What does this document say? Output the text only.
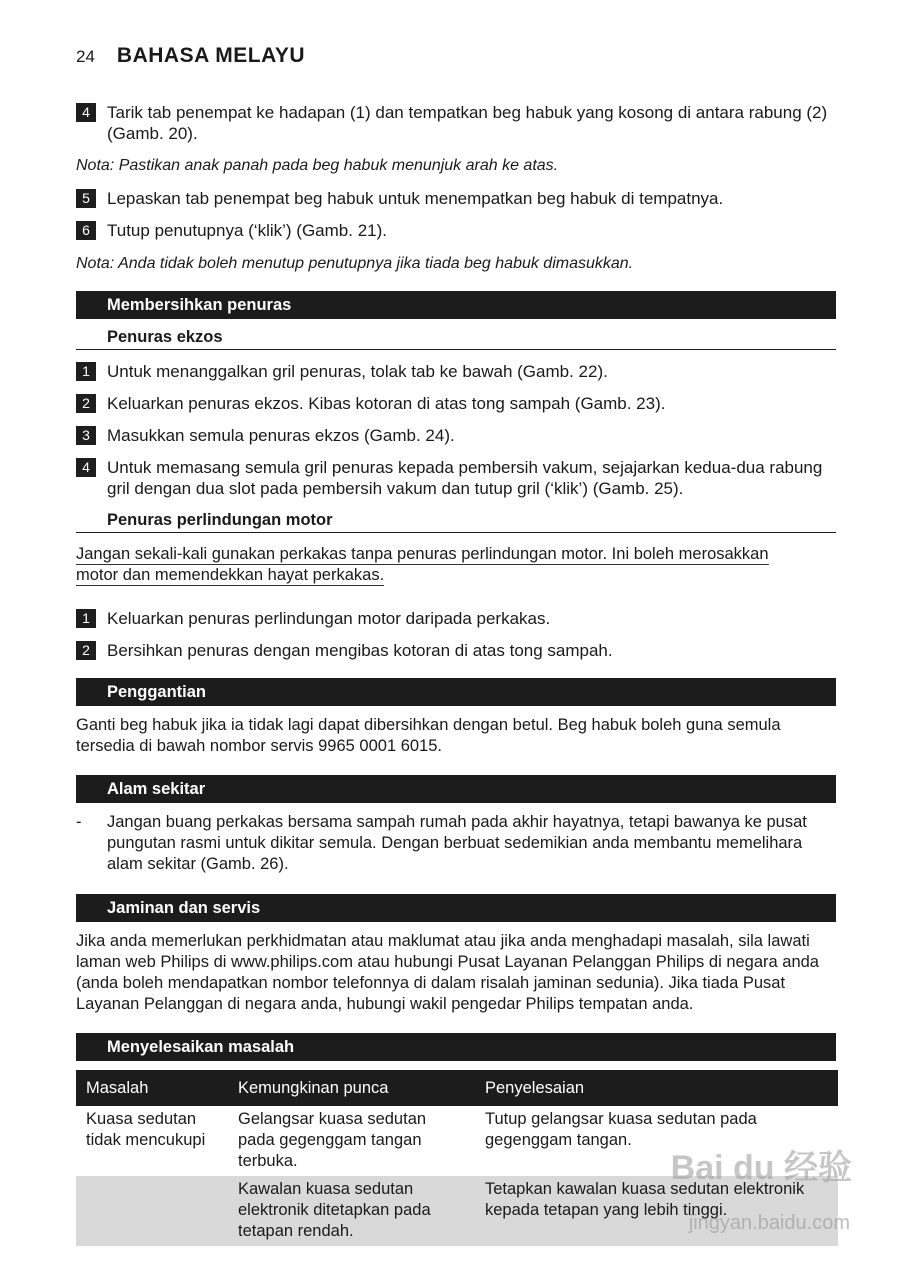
24 BAHASA MELAYU
4	Tarik tab penempat ke hadapan (1) dan tempatkan beg habuk yang kosong di antara rabung (2) (Gamb. 20).
Nota: Pastikan anak panah pada beg habuk menunjuk arah ke atas.
5	Lepaskan tab penempat beg habuk untuk menempatkan beg habuk di tempatnya.
6	Tutup penutupnya (‘klik’) (Gamb. 21).
Nota: Anda tidak boleh menutup penutupnya jika tiada beg habuk dimasukkan.
Membersihkan penuras
Penuras ekzos
1	Untuk menanggalkan gril penuras, tolak tab ke bawah (Gamb. 22).
2	Keluarkan penuras ekzos. Kibas kotoran di atas tong sampah (Gamb. 23).
3	Masukkan semula penuras ekzos (Gamb. 24).
4	Untuk memasang semula gril penuras kepada pembersih vakum, sejajarkan kedua-dua rabung gril dengan dua slot pada pembersih vakum dan tutup gril (‘klik’) (Gamb. 25).
Penuras perlindungan motor
Jangan sekali-kali gunakan perkakas tanpa penuras perlindungan motor. Ini boleh merosakkan
motor dan memendekkan hayat perkakas.
1	Keluarkan penuras perlindungan motor daripada perkakas.
2	Bersihkan penuras dengan mengibas kotoran di atas tong sampah.
Penggantian
Ganti beg habuk jika ia tidak lagi dapat dibersihkan dengan betul. Beg habuk boleh guna semula tersedia di bawah nombor servis 9965 0001 6015.
Alam sekitar
-	Jangan buang perkakas bersama sampah rumah pada akhir hayatnya, tetapi bawanya ke pusat pungutan rasmi untuk dikitar semula. Dengan berbuat sedemikian anda membantu memelihara alam sekitar (Gamb. 26).
Jaminan dan servis
Jika anda memerlukan perkhidmatan atau maklumat atau jika anda menghadapi masalah, sila lawati laman web Philips di www.philips.com atau hubungi Pusat Layanan Pelanggan Philips di negara anda (anda boleh mendapatkan nombor telefonnya di dalam risalah jaminan sedunia). Jika tiada Pusat Layanan Pelanggan di negara anda, hubungi wakil pengedar Philips tempatan anda.
Menyelesaikan masalah
Masalah	Kemungkinan punca	Penyelesaian
Kuasa sedutan tidak mencukupi	Gelangsar kuasa sedutan pada gegenggam tangan terbuka.	Tutup gelangsar kuasa sedutan pada gegenggam tangan.
	Kawalan kuasa sedutan elektronik ditetapkan pada tetapan rendah.	Tetapkan kawalan kuasa sedutan elektronik kepada tetapan yang lebih tinggi.
Bai du 经验
jingyan.baidu.com
